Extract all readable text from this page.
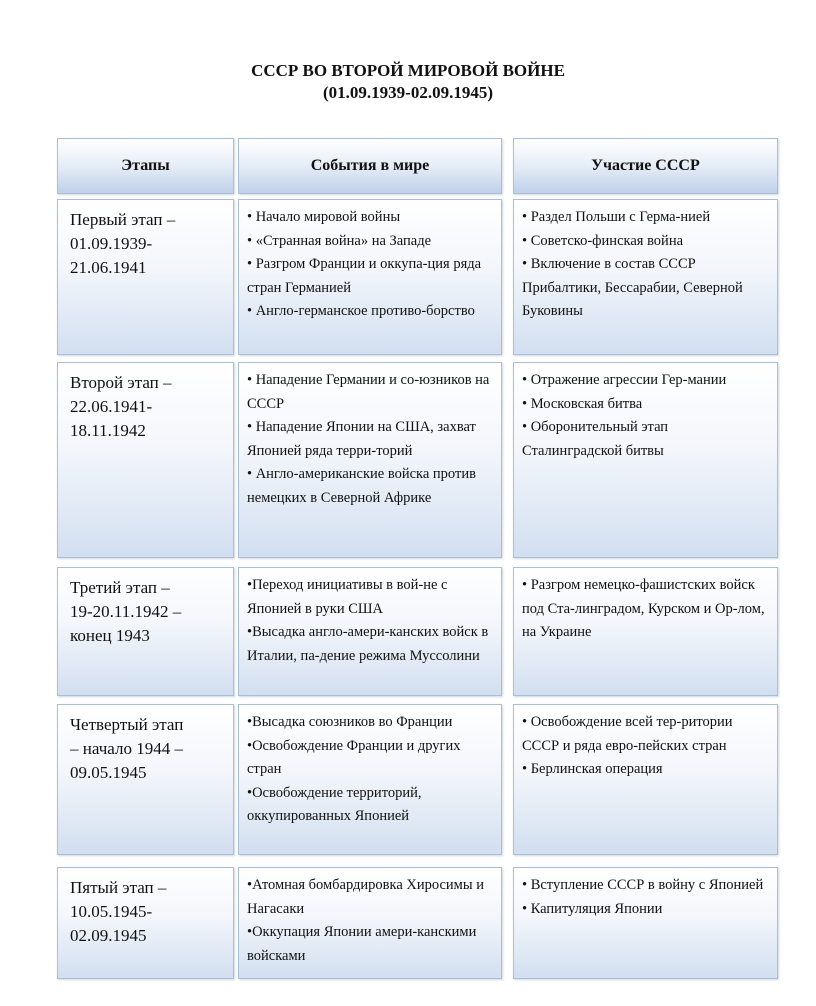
СССР ВО ВТОРОЙ МИРОВОЙ ВОЙНЕ
(01.09.1939-02.09.1945)
Этапы	События в мире	Участие СССР
Первый этап –
01.09.1939-
21.06.1941
• Начало мировой войны
• «Странная война» на Западе
• Разгром Франции и оккупа-ция ряда стран Германией
• Англо-германское противо-борство
• Раздел Польши с Герма-нией
• Советско-финская война
• Включение в состав СССР Прибалтики, Бессарабии, Северной Буковины
Второй этап –
22.06.1941-
18.11.1942
• Нападение Германии и со-юзников на СССР
• Нападение Японии на США, захват Японией ряда терри-торий
• Англо-американские войска против немецких в Северной Африке
• Отражение агрессии Гер-мании
• Московская битва
• Оборонительный этап Сталинградской битвы
Третий этап –
19-20.11.1942 –
конец 1943
•Переход инициативы в вой-не с Японией в руки США
•Высадка англо-амери-канских войск в Италии, па-дение режима Муссолини
• Разгром немецко-фашистских войск под Ста-линградом, Курском и Ор-лом, на Украине
Четвертый этап
– начало 1944 –
09.05.1945
•Высадка союзников во Франции
•Освобождение Франции и других стран
•Освобождение территорий, оккупированных Японией
• Освобождение всей тер-ритории СССР и ряда евро-пейских стран
• Берлинская операция
Пятый этап –
10.05.1945-
02.09.1945
•Атомная бомбардировка Хиросимы и Нагасаки
•Оккупация Японии амери-канскими войсками
• Вступление СССР в войну с Японией
• Капитуляция Японии
